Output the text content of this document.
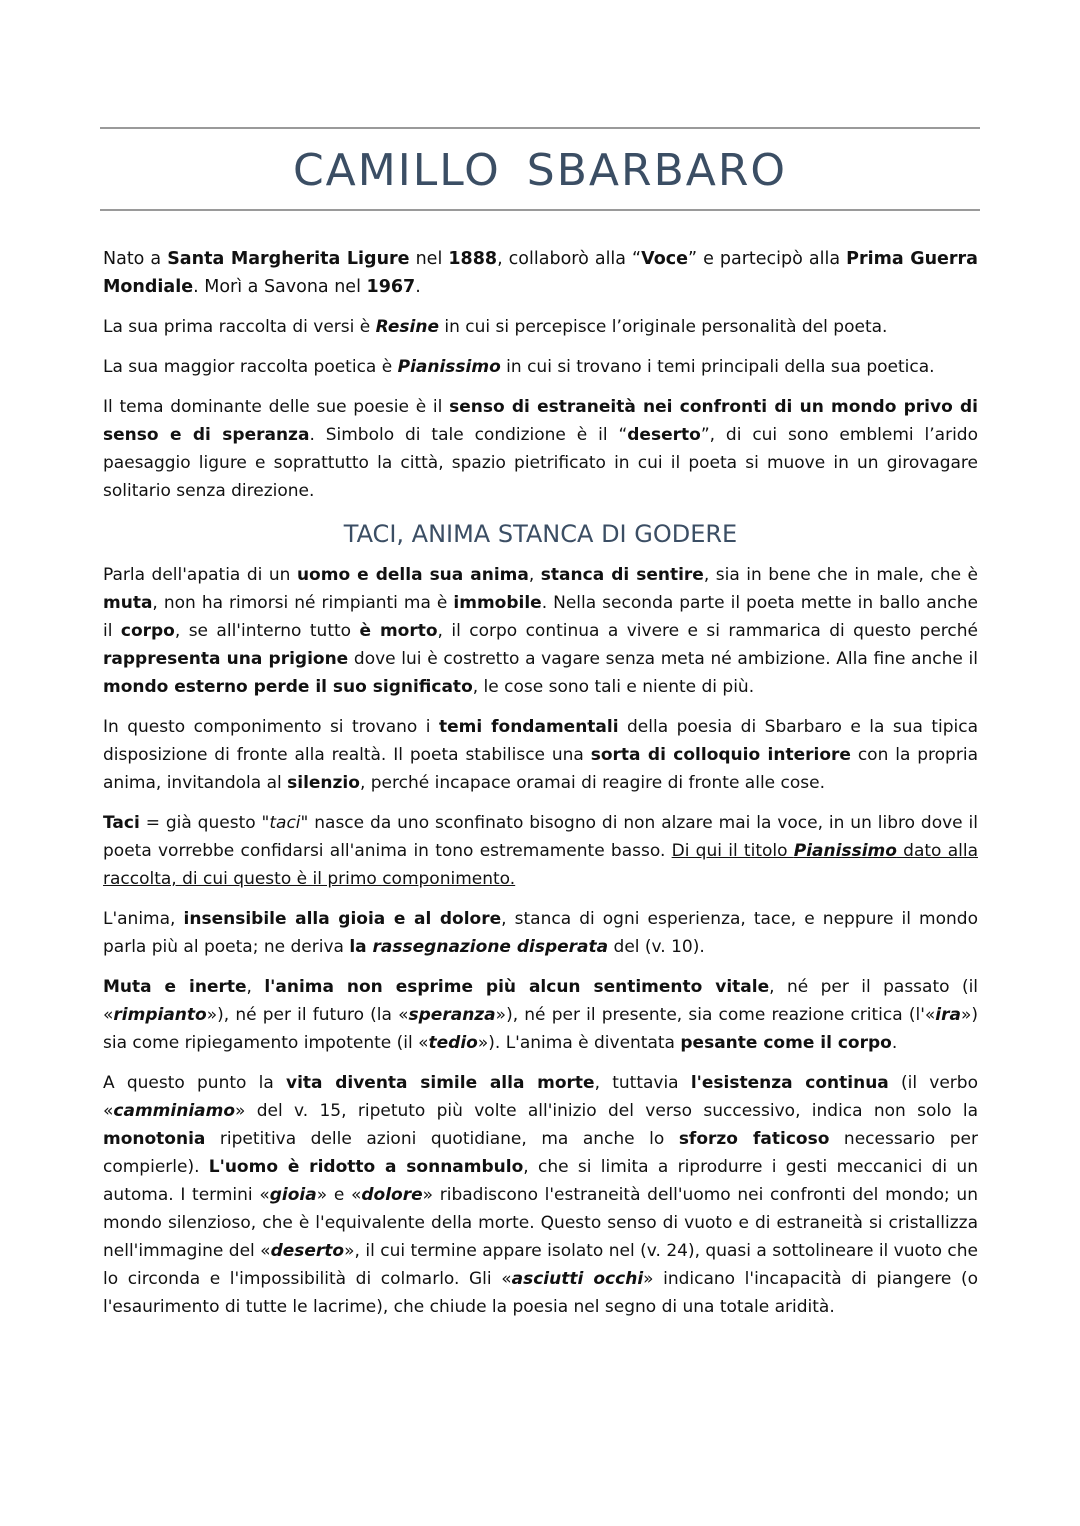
CAMILLO SBARBARO

Nato a Santa Margherita Ligure nel 1888, collaborò alla “Voce” e partecipò alla Prima Guerra Mondiale. Morì a Savona nel 1967.

La sua prima raccolta di versi è Resine in cui si percepisce l’originale personalità del poeta.

La sua maggior raccolta poetica è Pianissimo in cui si trovano i temi principali della sua poetica.

Il tema dominante delle sue poesie è il senso di estraneità nei confronti di un mondo privo di senso e di speranza. Simbolo di tale condizione è il “deserto”, di cui sono emblemi l’arido paesaggio ligure e soprattutto la città, spazio pietrificato in cui il poeta si muove in un girovagare solitario senza direzione.

TACI, ANIMA STANCA DI GODERE

Parla dell'apatia di un uomo e della sua anima, stanca di sentire, sia in bene che in male, che è muta, non ha rimorsi né rimpianti ma è immobile. Nella seconda parte il poeta mette in ballo anche il corpo, se all'interno tutto è morto, il corpo continua a vivere e si rammarica di questo perché rappresenta una prigione dove lui è costretto a vagare senza meta né ambizione. Alla fine anche il mondo esterno perde il suo significato, le cose sono tali e niente di più.

In questo componimento si trovano i temi fondamentali della poesia di Sbarbaro e la sua tipica disposizione di fronte alla realtà. Il poeta stabilisce una sorta di colloquio interiore con la propria anima, invitandola al silenzio, perché incapace oramai di reagire di fronte alle cose.

Taci = già questo "taci" nasce da uno sconfinato bisogno di non alzare mai la voce, in un libro dove il poeta vorrebbe confidarsi all'anima in tono estremamente basso. Di qui il titolo Pianissimo dato alla raccolta, di cui questo è il primo componimento.

L'anima, insensibile alla gioia e al dolore, stanca di ogni esperienza, tace, e neppure il mondo parla più al poeta; ne deriva la rassegnazione disperata del (v. 10).

Muta e inerte, l'anima non esprime più alcun sentimento vitale, né per il passato (il «rimpianto»), né per il futuro (la «speranza»), né per il presente, sia come reazione critica (l'«ira») sia come ripiegamento impotente (il «tedio»). L'anima è diventata pesante come il corpo.

A questo punto la vita diventa simile alla morte, tuttavia l'esistenza continua (il verbo «camminiamo» del v. 15, ripetuto più volte all'inizio del verso successivo, indica non solo la monotonia ripetitiva delle azioni quotidiane, ma anche lo sforzo faticoso necessario per compierle). L'uomo è ridotto a sonnambulo, che si limita a riprodurre i gesti meccanici di un automa. I termini «gioia» e «dolore» ribadiscono l'estraneità dell'uomo nei confronti del mondo; un mondo silenzioso, che è l'equivalente della morte. Questo senso di vuoto e di estraneità si cristallizza nell'immagine del «deserto», il cui termine appare isolato nel (v. 24), quasi a sottolineare il vuoto che lo circonda e l'impossibilità di colmarlo. Gli «asciutti occhi» indicano l'incapacità di piangere (o l'esaurimento di tutte le lacrime), che chiude la poesia nel segno di una totale aridità.
